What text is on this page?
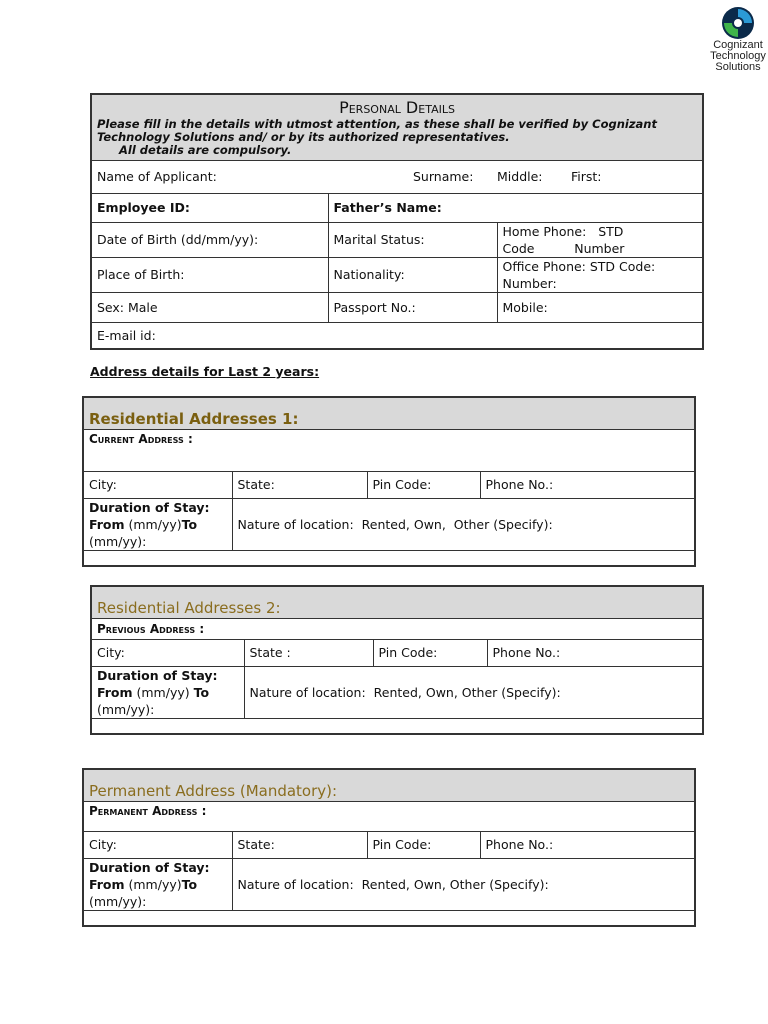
Cognizant
Technology
Solutions
Personal Details
Please fill in the details with utmost attention, as these shall be verified by Cognizant Technology Solutions and/ or by its authorized representatives.
All details are compulsory.		

Name of Applicant: Surname: Middle: First:		

Employee ID:	Father’s Name:	
Date of Birth (dd/mm/yy):	Marital Status:	Home Phone:   STD
Code          Number

Place of Birth:	Nationality:	Office Phone: STD Code:
Number:

Sex: Male	Passport No.:	Mobile:
E-mail id:		
Address details for Last 2 years:
Residential Addresses 1:			
Current Address :			
City:	State:	Pin Code:	Phone No.:

Duration of Stay:
From (mm/yy)To
(mm/yy):	Nature of location:  Rented, Own,  Other (Specify):		

Residential Addresses 2:			
Previous Address :			
City:	State :	Pin Code:	Phone No.:

Duration of Stay:
From (mm/yy) To
(mm/yy):	Nature of location:  Rented, Own, Other (Specify):		

Permanent Address (Mandatory):			
Permanent Address :			
City:	State:	Pin Code:	Phone No.:

Duration of Stay:
From (mm/yy)To
(mm/yy):	Nature of location:  Rented, Own, Other (Specify):		
